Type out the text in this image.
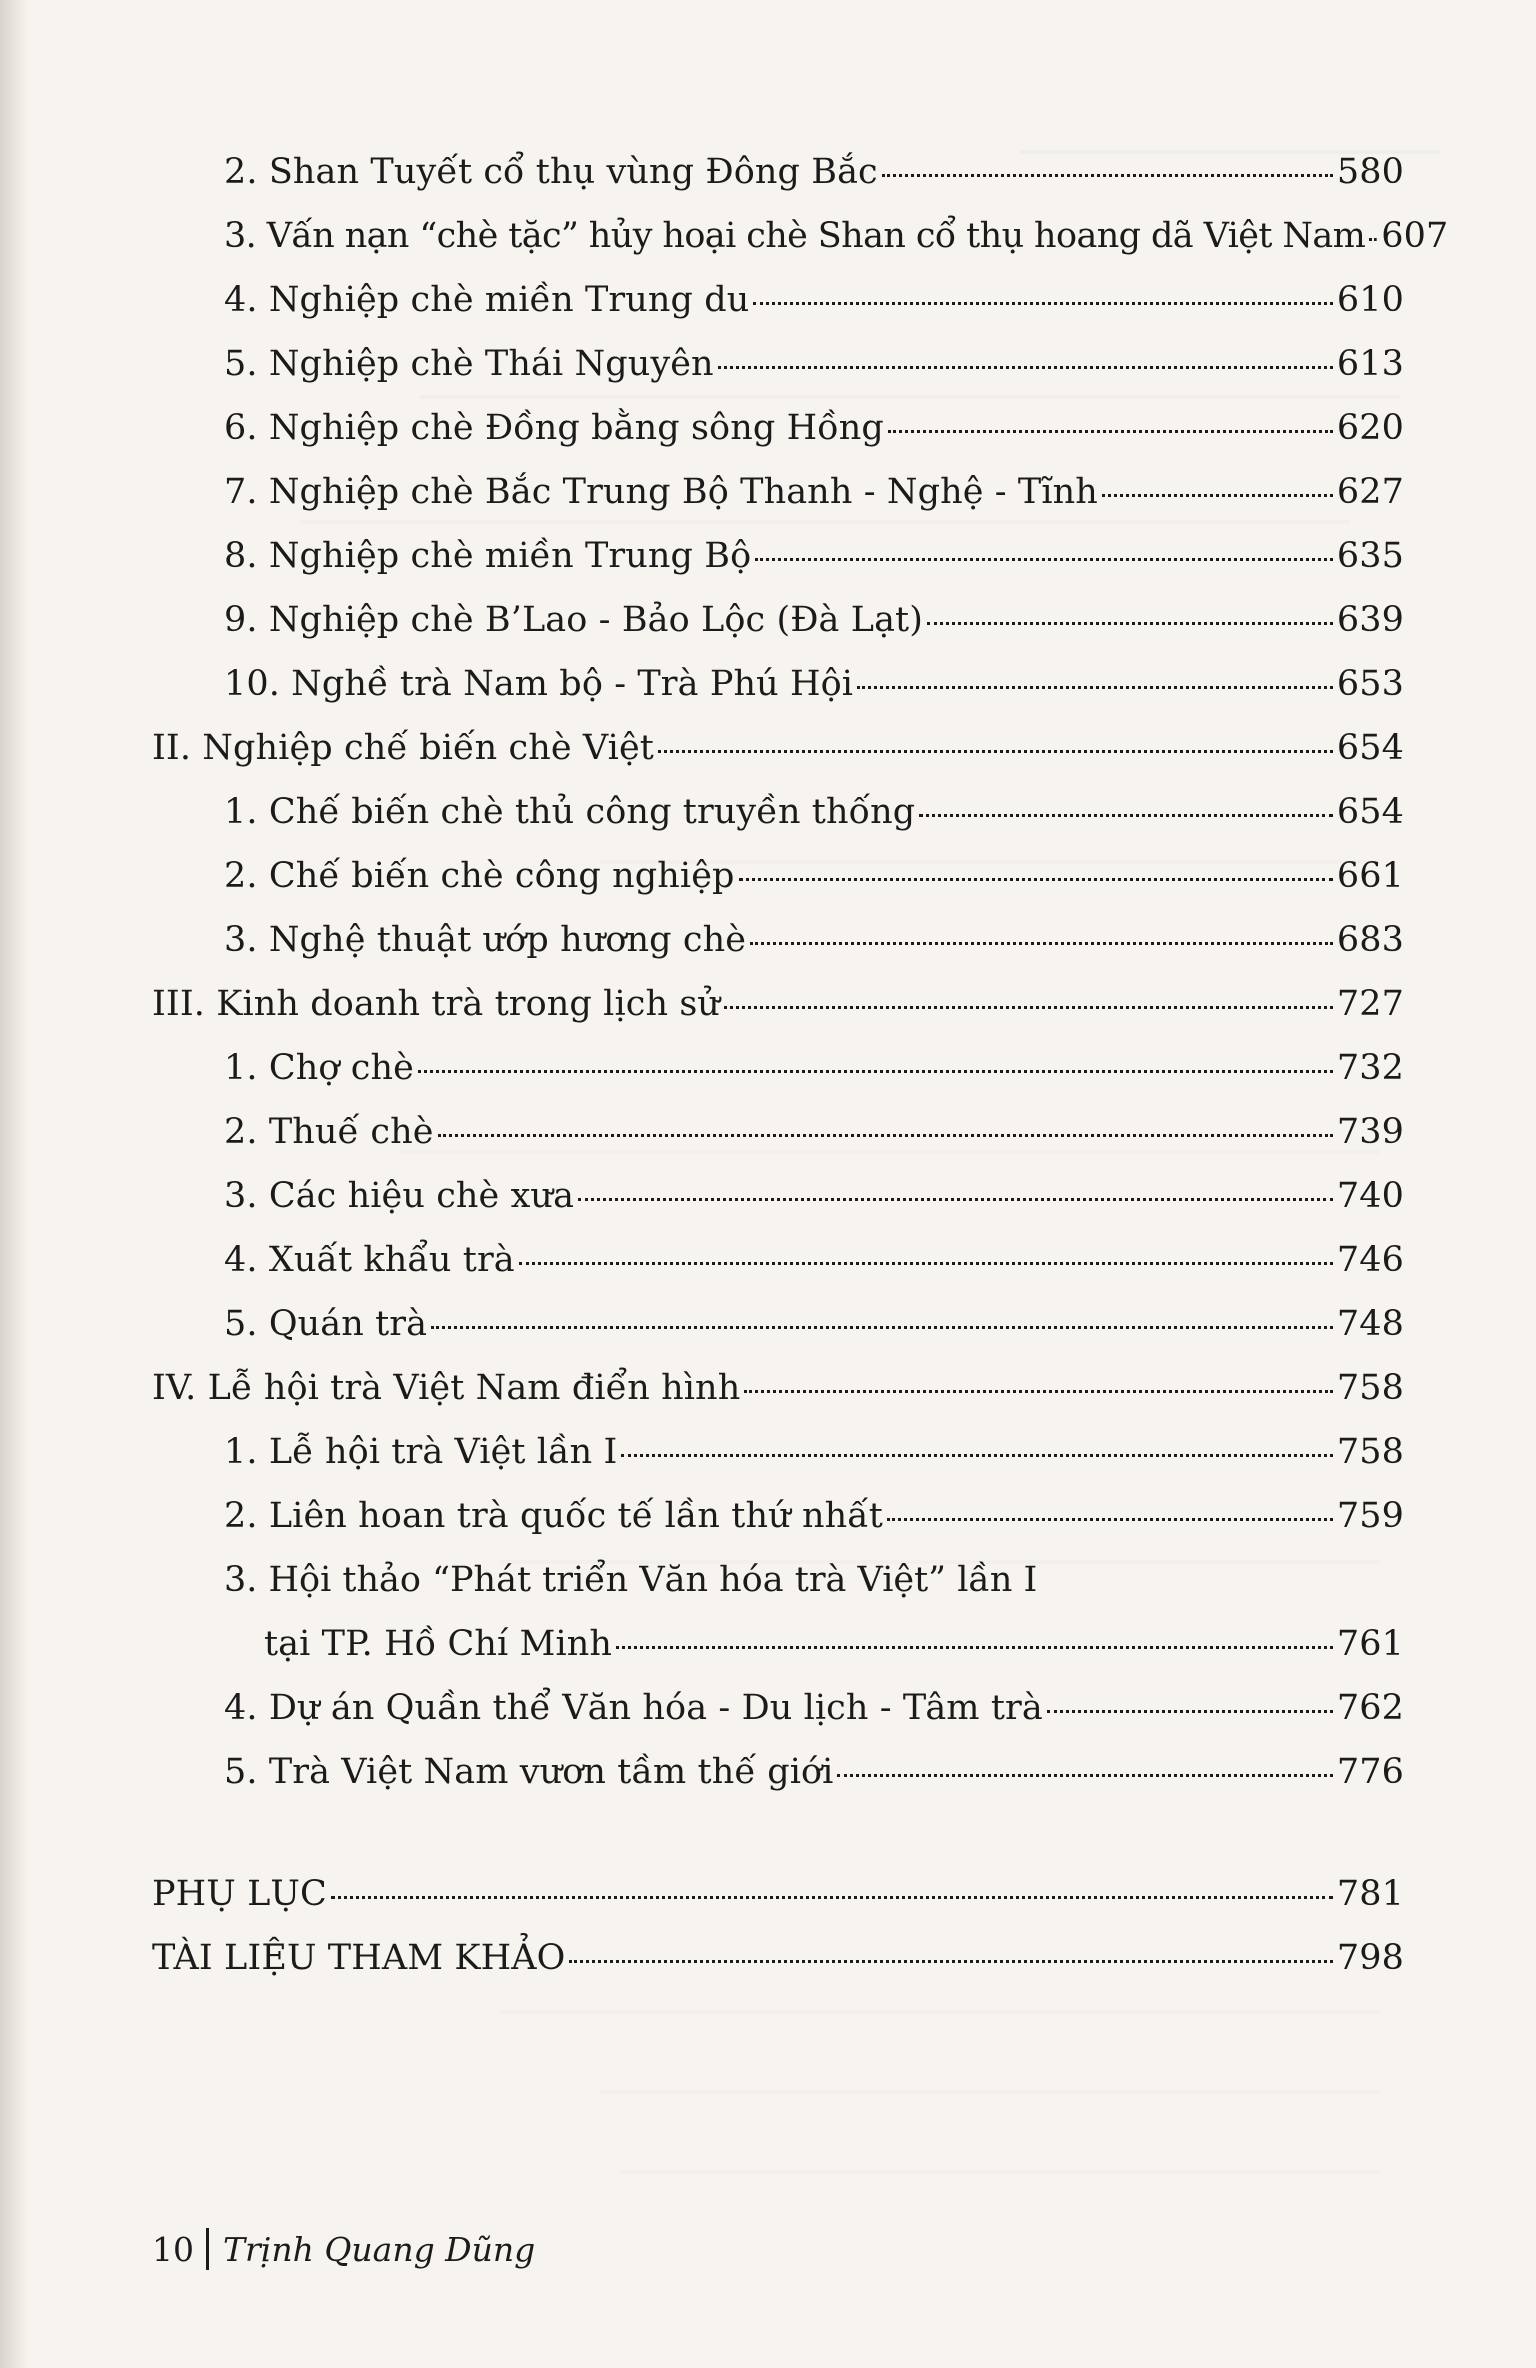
2. Shan Tuyết cổ thụ vùng Đông Bắc	580
3. Vấn nạn “chè tặc” hủy hoại chè Shan cổ thụ hoang dã Việt Nam 607
4. Nghiệp chè miền Trung du	610
5. Nghiệp chè Thái Nguyên	613
6. Nghiệp chè Đồng bằng sông Hồng	620
7. Nghiệp chè Bắc Trung Bộ Thanh - Nghệ - Tĩnh	627
8. Nghiệp chè miền Trung Bộ	635
9. Nghiệp chè B’Lao - Bảo Lộc (Đà Lạt)	639
10. Nghề trà Nam bộ - Trà Phú Hội	653
II. Nghiệp chế biến chè Việt	654
1. Chế biến chè thủ công truyền thống	654
2. Chế biến chè công nghiệp	661
3. Nghệ thuật ướp hương chè	683
III. Kinh doanh trà trong lịch sử	727
1. Chợ chè	732
2. Thuế chè	739
3. Các hiệu chè xưa	740
4. Xuất khẩu trà	746
5. Quán trà	748
IV. Lễ hội trà Việt Nam điển hình	758
1. Lễ hội trà Việt lần I	758
2. Liên hoan trà quốc tế lần thứ nhất	759
3. Hội thảo “Phát triển Văn hóa trà Việt” lần I
tại TP. Hồ Chí Minh	761
4. Dự án Quần thể Văn hóa - Du lịch - Tâm trà	762
5. Trà Việt Nam vươn tầm thế giới	776
PHỤ LỤC	781
TÀI LIỆU THAM KHẢO	798
10 Trịnh Quang Dũng
